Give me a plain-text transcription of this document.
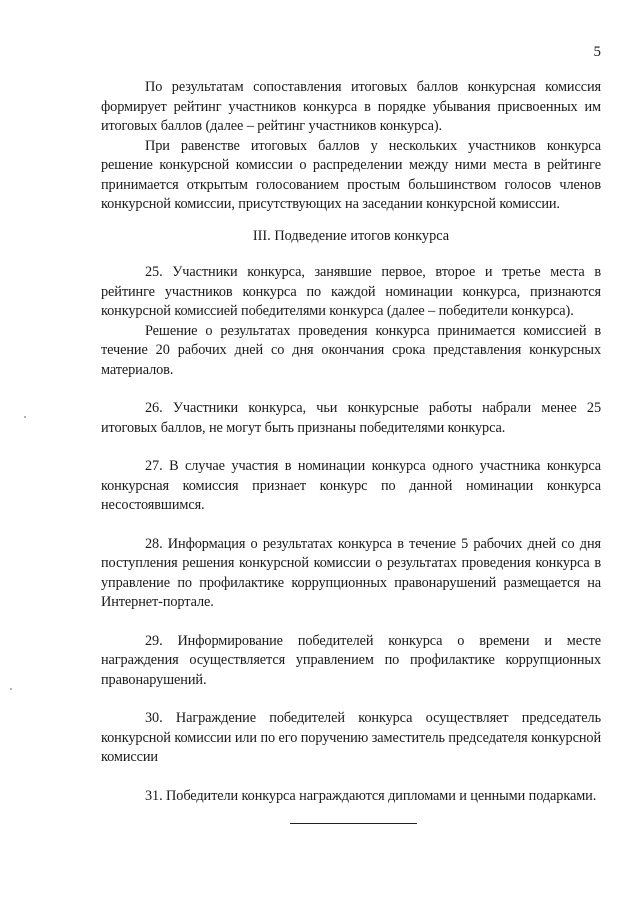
5

По результатам сопоставления итоговых баллов конкурсная комиссия формирует рейтинг участников конкурса в порядке убывания присвоенных им итоговых баллов (далее – рейтинг участников конкурса).

При равенстве итоговых баллов у нескольких участников конкурса решение конкурсной комиссии о распределении между ними места в рейтинге принимается открытым голосованием простым большинством голосов членов конкурсной комиссии, присутствующих на заседании конкурсной комиссии.

III. Подведение итогов конкурса

25. Участники конкурса, занявшие первое, второе и третье места в рейтинге участников конкурса по каждой номинации конкурса, признаются конкурсной комиссией победителями конкурса (далее – победители конкурса).

Решение о результатах проведения конкурса принимается комиссией в течение 20 рабочих дней со дня окончания срока представления конкурсных материалов.

26. Участники конкурса, чьи конкурсные работы набрали менее 25 итоговых баллов, не могут быть признаны победителями конкурса.

27. В случае участия в номинации конкурса одного участника конкурса конкурсная комиссия признает конкурс по данной номинации конкурса несостоявшимся.

28. Информация о результатах конкурса в течение 5 рабочих дней со дня поступления решения конкурсной комиссии о результатах проведения конкурса в управление по профилактике коррупционных правонарушений размещается на Интернет-портале.

29. Информирование победителей конкурса о времени и месте награждения осуществляется управлением по профилактике коррупционных правонарушений.

30. Награждение победителей конкурса осуществляет председатель конкурсной комиссии или по его поручению заместитель председателя конкурсной комиссии

31. Победители конкурса награждаются дипломами и ценными подарками.
